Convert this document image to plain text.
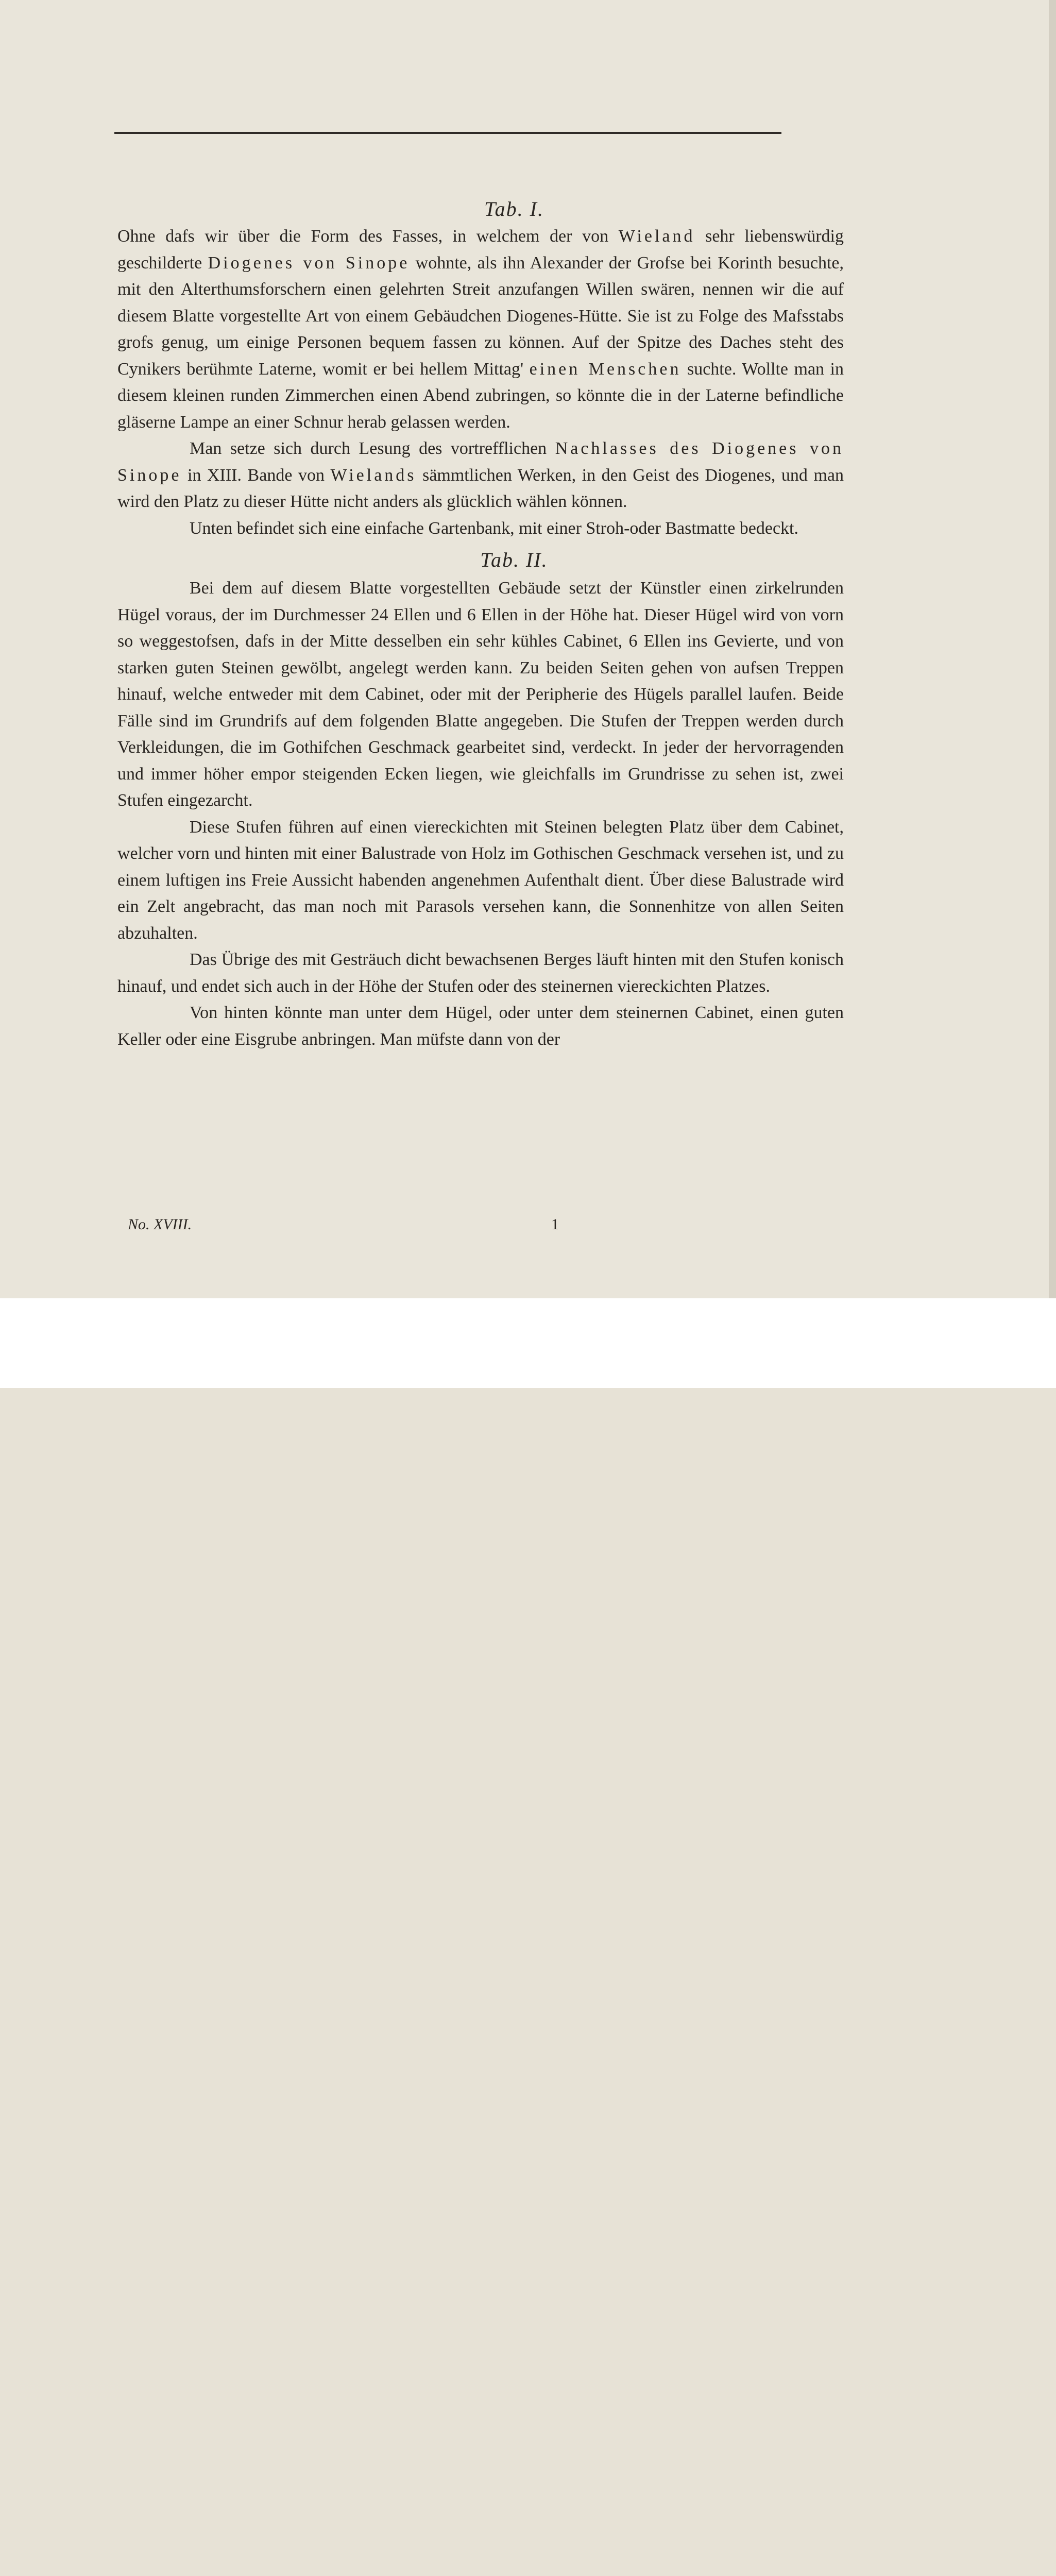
Tab. I.

Ohne dafs wir über die Form des Fasses, in welchem der von Wieland sehr liebenswürdig geschilderte Diogenes von Sinope wohnte, als ihn Alexander der Grofse bei Korinth besuchte, mit den Alterthumsforschern einen gelehrten Streit anzufangen Willen swären, nennen wir die auf diesem Blatte vorgestellte Art von einem Gebäudchen Diogenes-Hütte. Sie ist zu Folge des Mafsstabs grofs genug, um einige Personen bequem fassen zu können. Auf der Spitze des Daches steht des Cynikers berühmte Laterne, womit er bei hellem Mittag' einen Menschen suchte. Wollte man in diesem kleinen runden Zimmerchen einen Abend zubringen, so könnte die in der Laterne befindliche gläserne Lampe an einer Schnur herab gelassen werden.

Man setze sich durch Lesung des vortrefflichen Nachlasses des Diogenes von Sinope in XIII. Bande von Wielands sämmtlichen Werken, in den Geist des Diogenes, und man wird den Platz zu dieser Hütte nicht anders als glücklich wählen können.

Unten befindet sich eine einfache Gartenbank, mit einer Stroh-oder Bastmatte bedeckt.

Tab. II.

Bei dem auf diesem Blatte vorgestellten Gebäude setzt der Künstler einen zirkelrunden Hügel voraus, der im Durchmesser 24 Ellen und 6 Ellen in der Höhe hat. Dieser Hügel wird von vorn so weggestofsen, dafs in der Mitte desselben ein sehr kühles Cabinet, 6 Ellen ins Gevierte, und von starken guten Steinen gewölbt, angelegt werden kann. Zu beiden Seiten gehen von aufsen Treppen hinauf, welche entweder mit dem Cabinet, oder mit der Peripherie des Hügels parallel laufen. Beide Fälle sind im Grundrifs auf dem folgenden Blatte angegeben. Die Stufen der Treppen werden durch Verkleidungen, die im Gothifchen Geschmack gearbeitet sind, verdeckt. In jeder der hervorragenden und immer höher empor steigenden Ecken liegen, wie gleichfalls im Grundrisse zu sehen ist, zwei Stufen eingezarcht.

Diese Stufen führen auf einen viereckichten mit Steinen belegten Platz über dem Cabinet, welcher vorn und hinten mit einer Balustrade von Holz im Gothischen Geschmack versehen ist, und zu einem luftigen ins Freie Aussicht habenden angenehmen Aufenthalt dient. Über diese Balustrade wird ein Zelt angebracht, das man noch mit Parasols versehen kann, die Sonnenhitze von allen Seiten abzuhalten.

Das Übrige des mit Gesträuch dicht bewachsenen Berges läuft hinten mit den Stufen konisch hinauf, und endet sich auch in der Höhe der Stufen oder des steinernen viereckichten Platzes.

Von hinten könnte man unter dem Hügel, oder unter dem steinernen Cabinet, einen guten Keller oder eine Eisgrube anbringen. Man müfste dann von der

No. XVIII.	1
